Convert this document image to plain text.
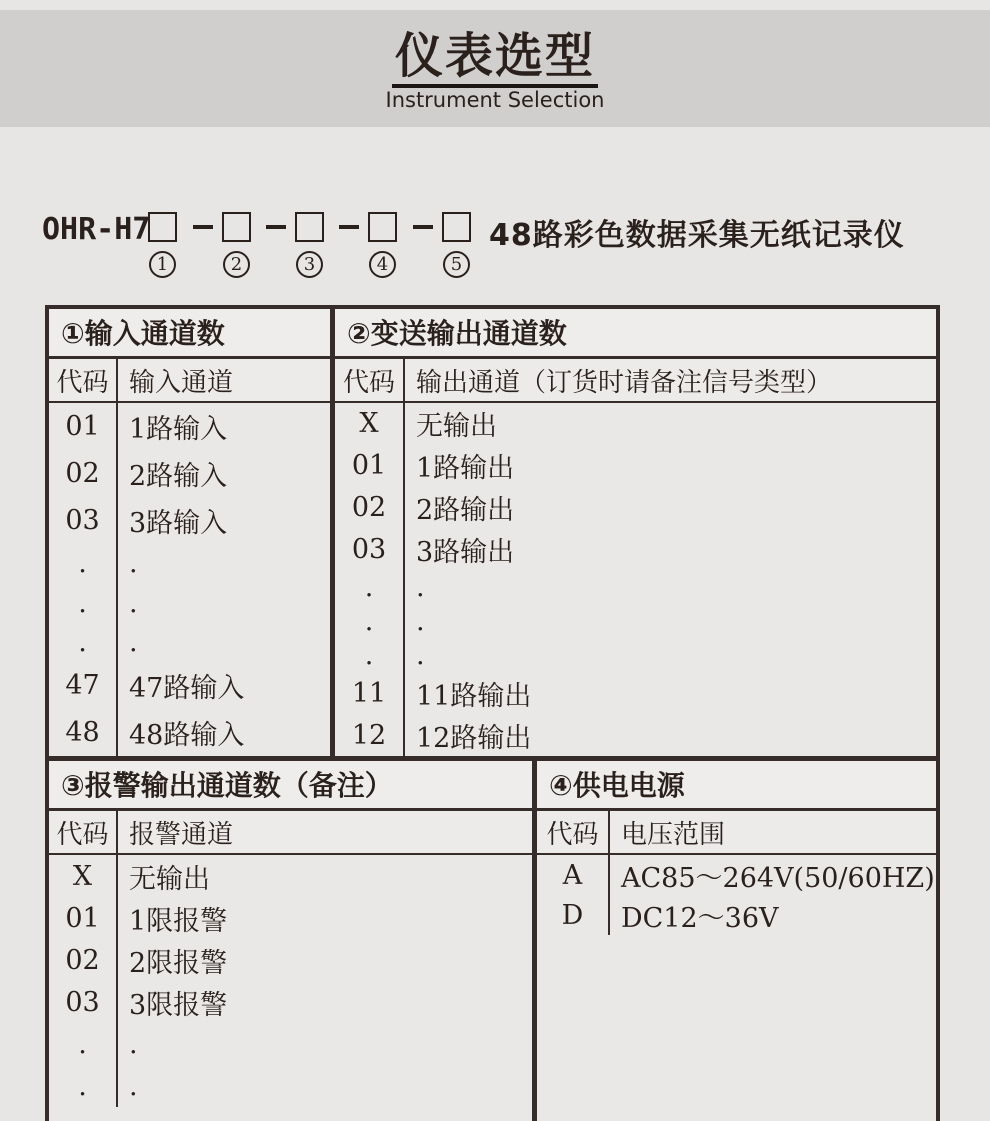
仪表选型
Instrument Selection
OHR-H7
1	2	3	4	5
48路彩色数据采集无纸记录仪
①输入通道数
代码 输入通道
01	1路输入
02	2路输入
03	3路输入
.	.
.	.
.	.
47	47路输入
48	48路输入
②变送输出通道数
代码 输出通道（订货时请备注信号类型）
X	无输出
01	1路输出
02	2路输出
03	3路输出
.	.
.	.
.	.
11	11路输出
12	12路输出
③报警输出通道数（备注）
代码 报警通道
X	无输出
01	1限报警
02	2限报警
03	3限报警
.	.
.	.
④供电电源
代码 电压范围
A	AC85～264V(50/60HZ)
D	DC12～36V
